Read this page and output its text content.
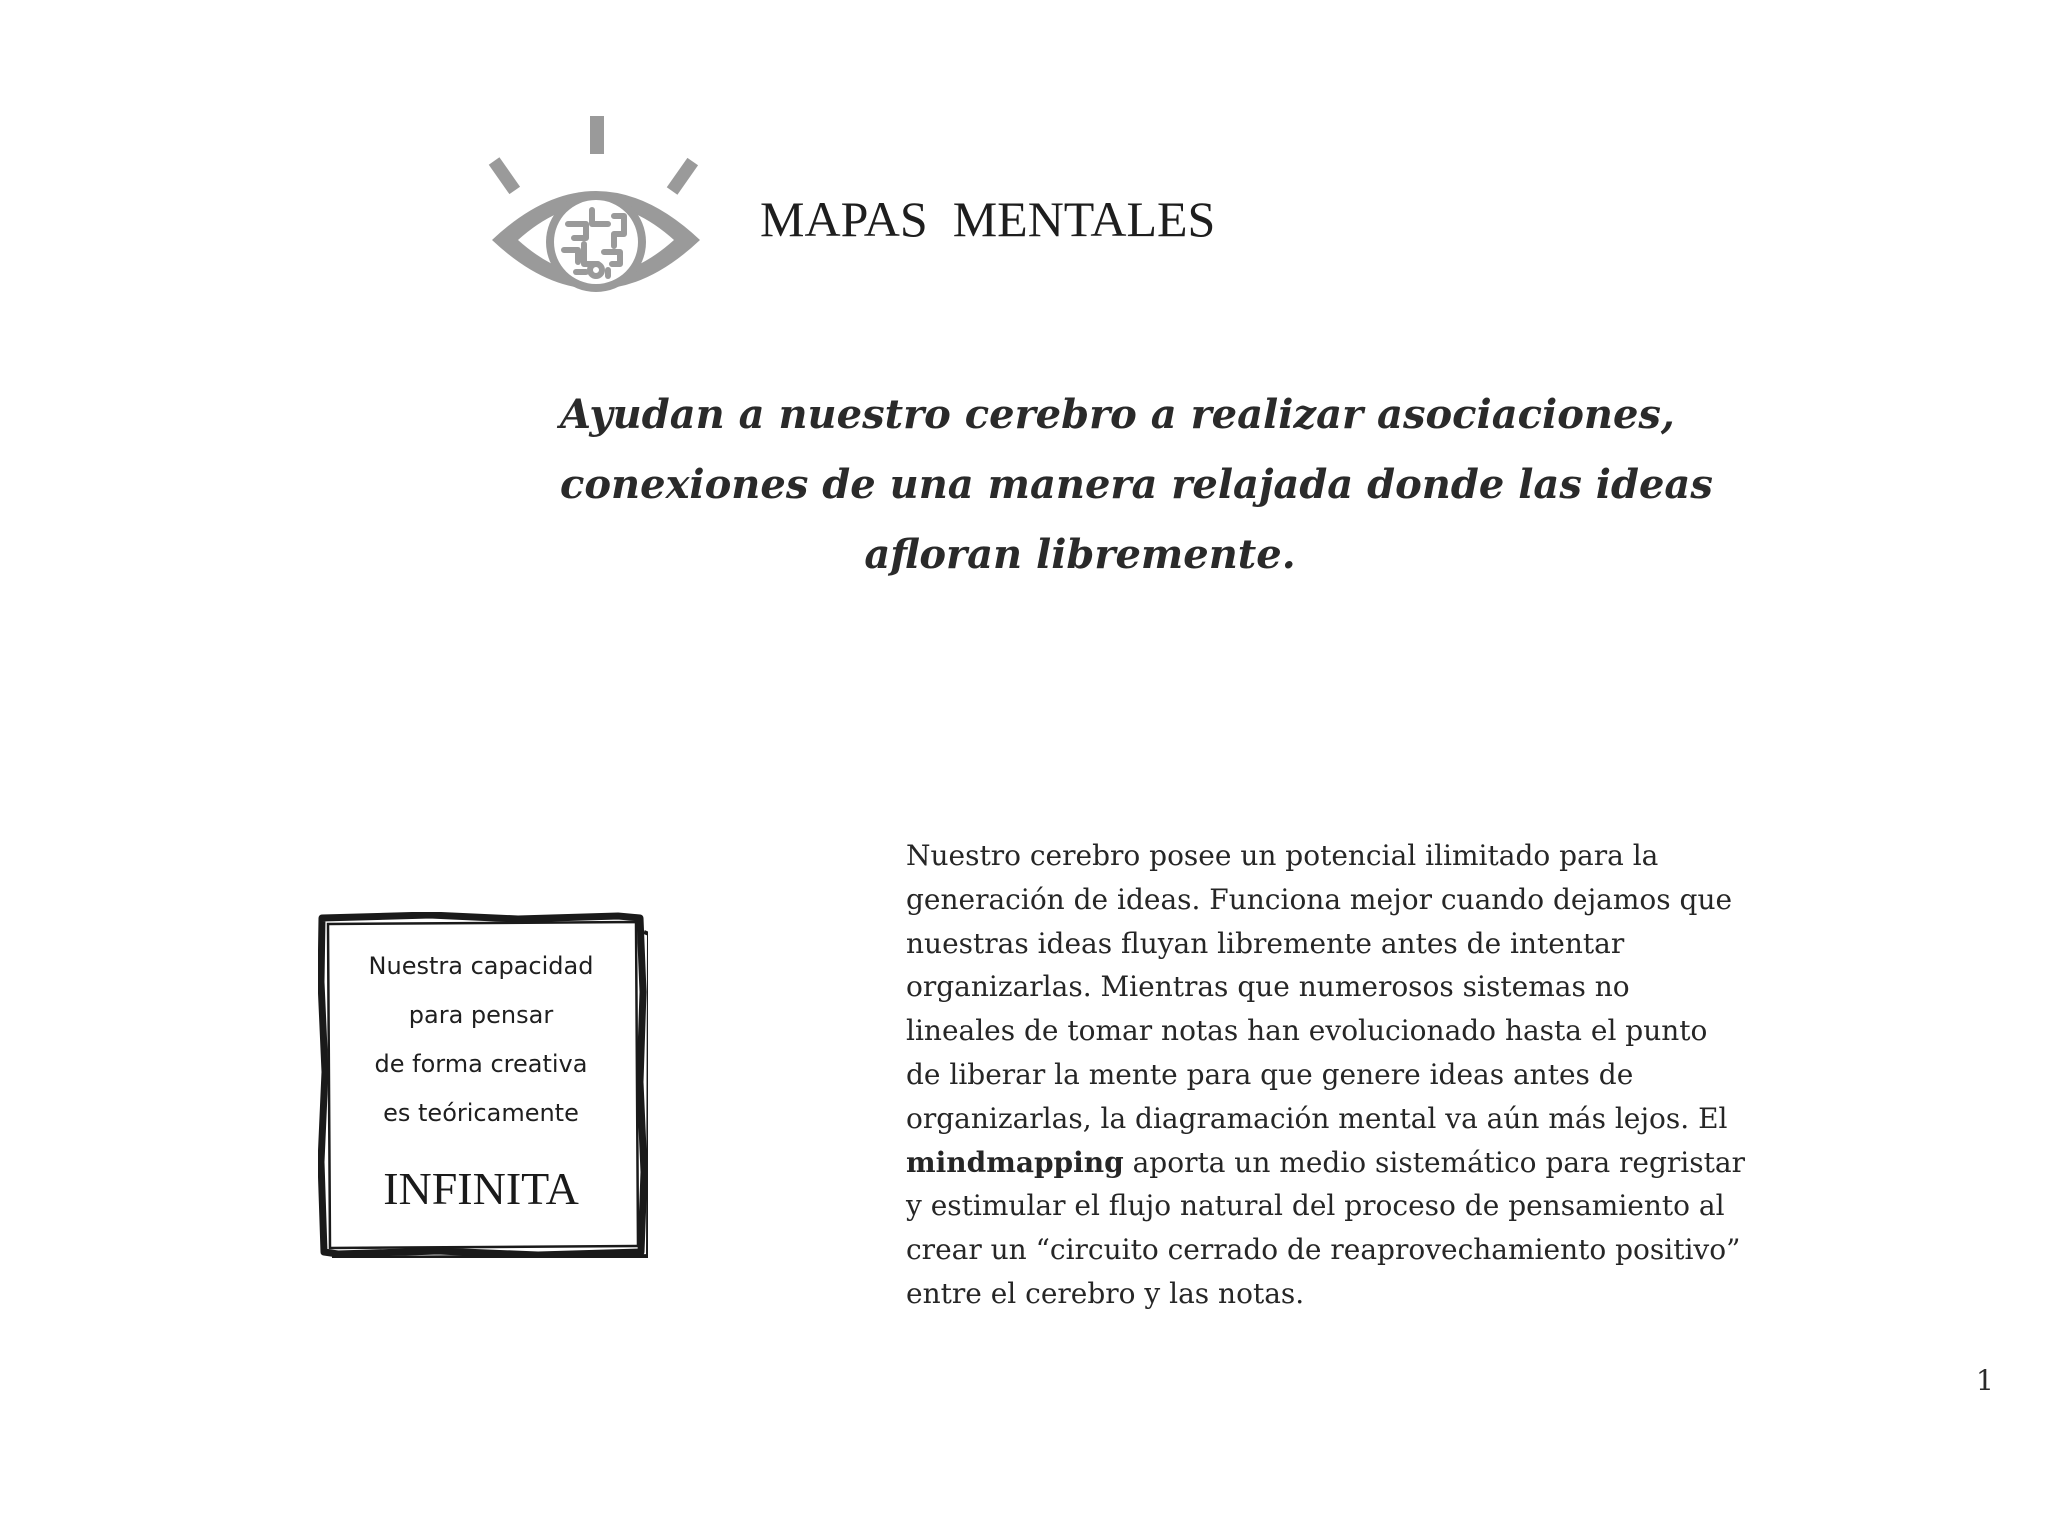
MAPAS  MENTALES
Ayudan a nuestro cerebro a realizar asociaciones,
conexiones de una manera relajada donde las ideas
afloran libremente.
Nuestra capacidad
para pensar
de forma creativa
es teóricamente
INFINITA
Nuestro cerebro posee un potencial ilimitado para la
generación de ideas. Funciona mejor cuando dejamos que
nuestras ideas fluyan libremente antes de intentar
organizarlas. Mientras que numerosos sistemas no
lineales de tomar notas han evolucionado hasta el punto
de liberar la mente para que genere ideas antes de
organizarlas, la diagramación mental va aún más lejos. El
mindmapping aporta un medio sistemático para regristar
y estimular el flujo natural del proceso de pensamiento al
crear un “circuito cerrado de reaprovechamiento positivo”
entre el cerebro y las notas.
1
